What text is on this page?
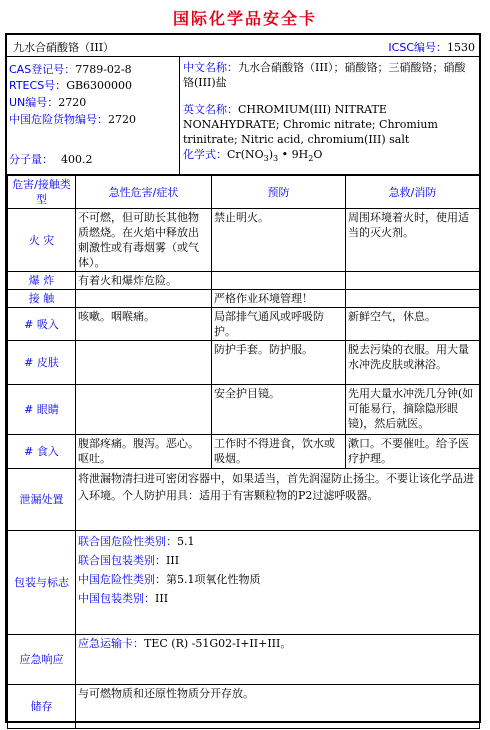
国际化学品安全卡
九水合硝酸铬（III）	ICSC编号：1530
CAS登记号：7789-02-8
RTECS号：GB6300000
UN编号：2720
中国危险货物编号：2720
分子量： 400.2
中文名称：九水合硝酸铬（III）；硝酸铬；三硝酸铬；硝酸铬(III)盐
英文名称：CHROMIUM(III) NITRATE NONAHYDRATE; Chromic nitrate; Chromium trinitrate; Nitric acid, chromium(III) salt
化学式：$Cr(NO_3)_3$ • $9H_2O$
危害/接触类型	急性危害/症状	预防	急救/消防
火 灾	不可燃，但可助长其他物质燃烧。在火焰中释放出刺激性或有毒烟雾（或气体）。	禁止明火。	周围环境着火时，使用适当的灭火剂。
爆 炸	有着火和爆炸危险。		
接 触		严格作业环境管理！	
# 吸入	咳嗽。咽喉痛。	局部排气通风或呼吸防护。	新鲜空气，休息。
# 皮肤		防护手套。防护服。	脱去污染的衣服。用大量水冲洗皮肤或淋浴。
# 眼睛		安全护目镜。	先用大量水冲洗几分钟(如可能易行，摘除隐形眼镜)，然后就医。
# 食入	腹部疼痛。腹泻。恶心。呕吐。	工作时不得进食，饮水或吸烟。	漱口。不要催吐。给予医疗护理。
泄漏处置	将泄漏物清扫进可密闭容器中，如果适当，首先润湿防止扬尘。不要让该化学品进入环境。个人防护用具：适用于有害颗粒物的P2过滤呼吸器。		
包装与标志	联合国危险性类别：5.1
联合国包装类别：III
中国危险性类别：第5.1项氧化性物质
中国包装类别：III		

应急响应	应急运输卡：TEC (R) -51G02-I+II+III。		
储存	与可燃物质和还原性物质分开存放。		
